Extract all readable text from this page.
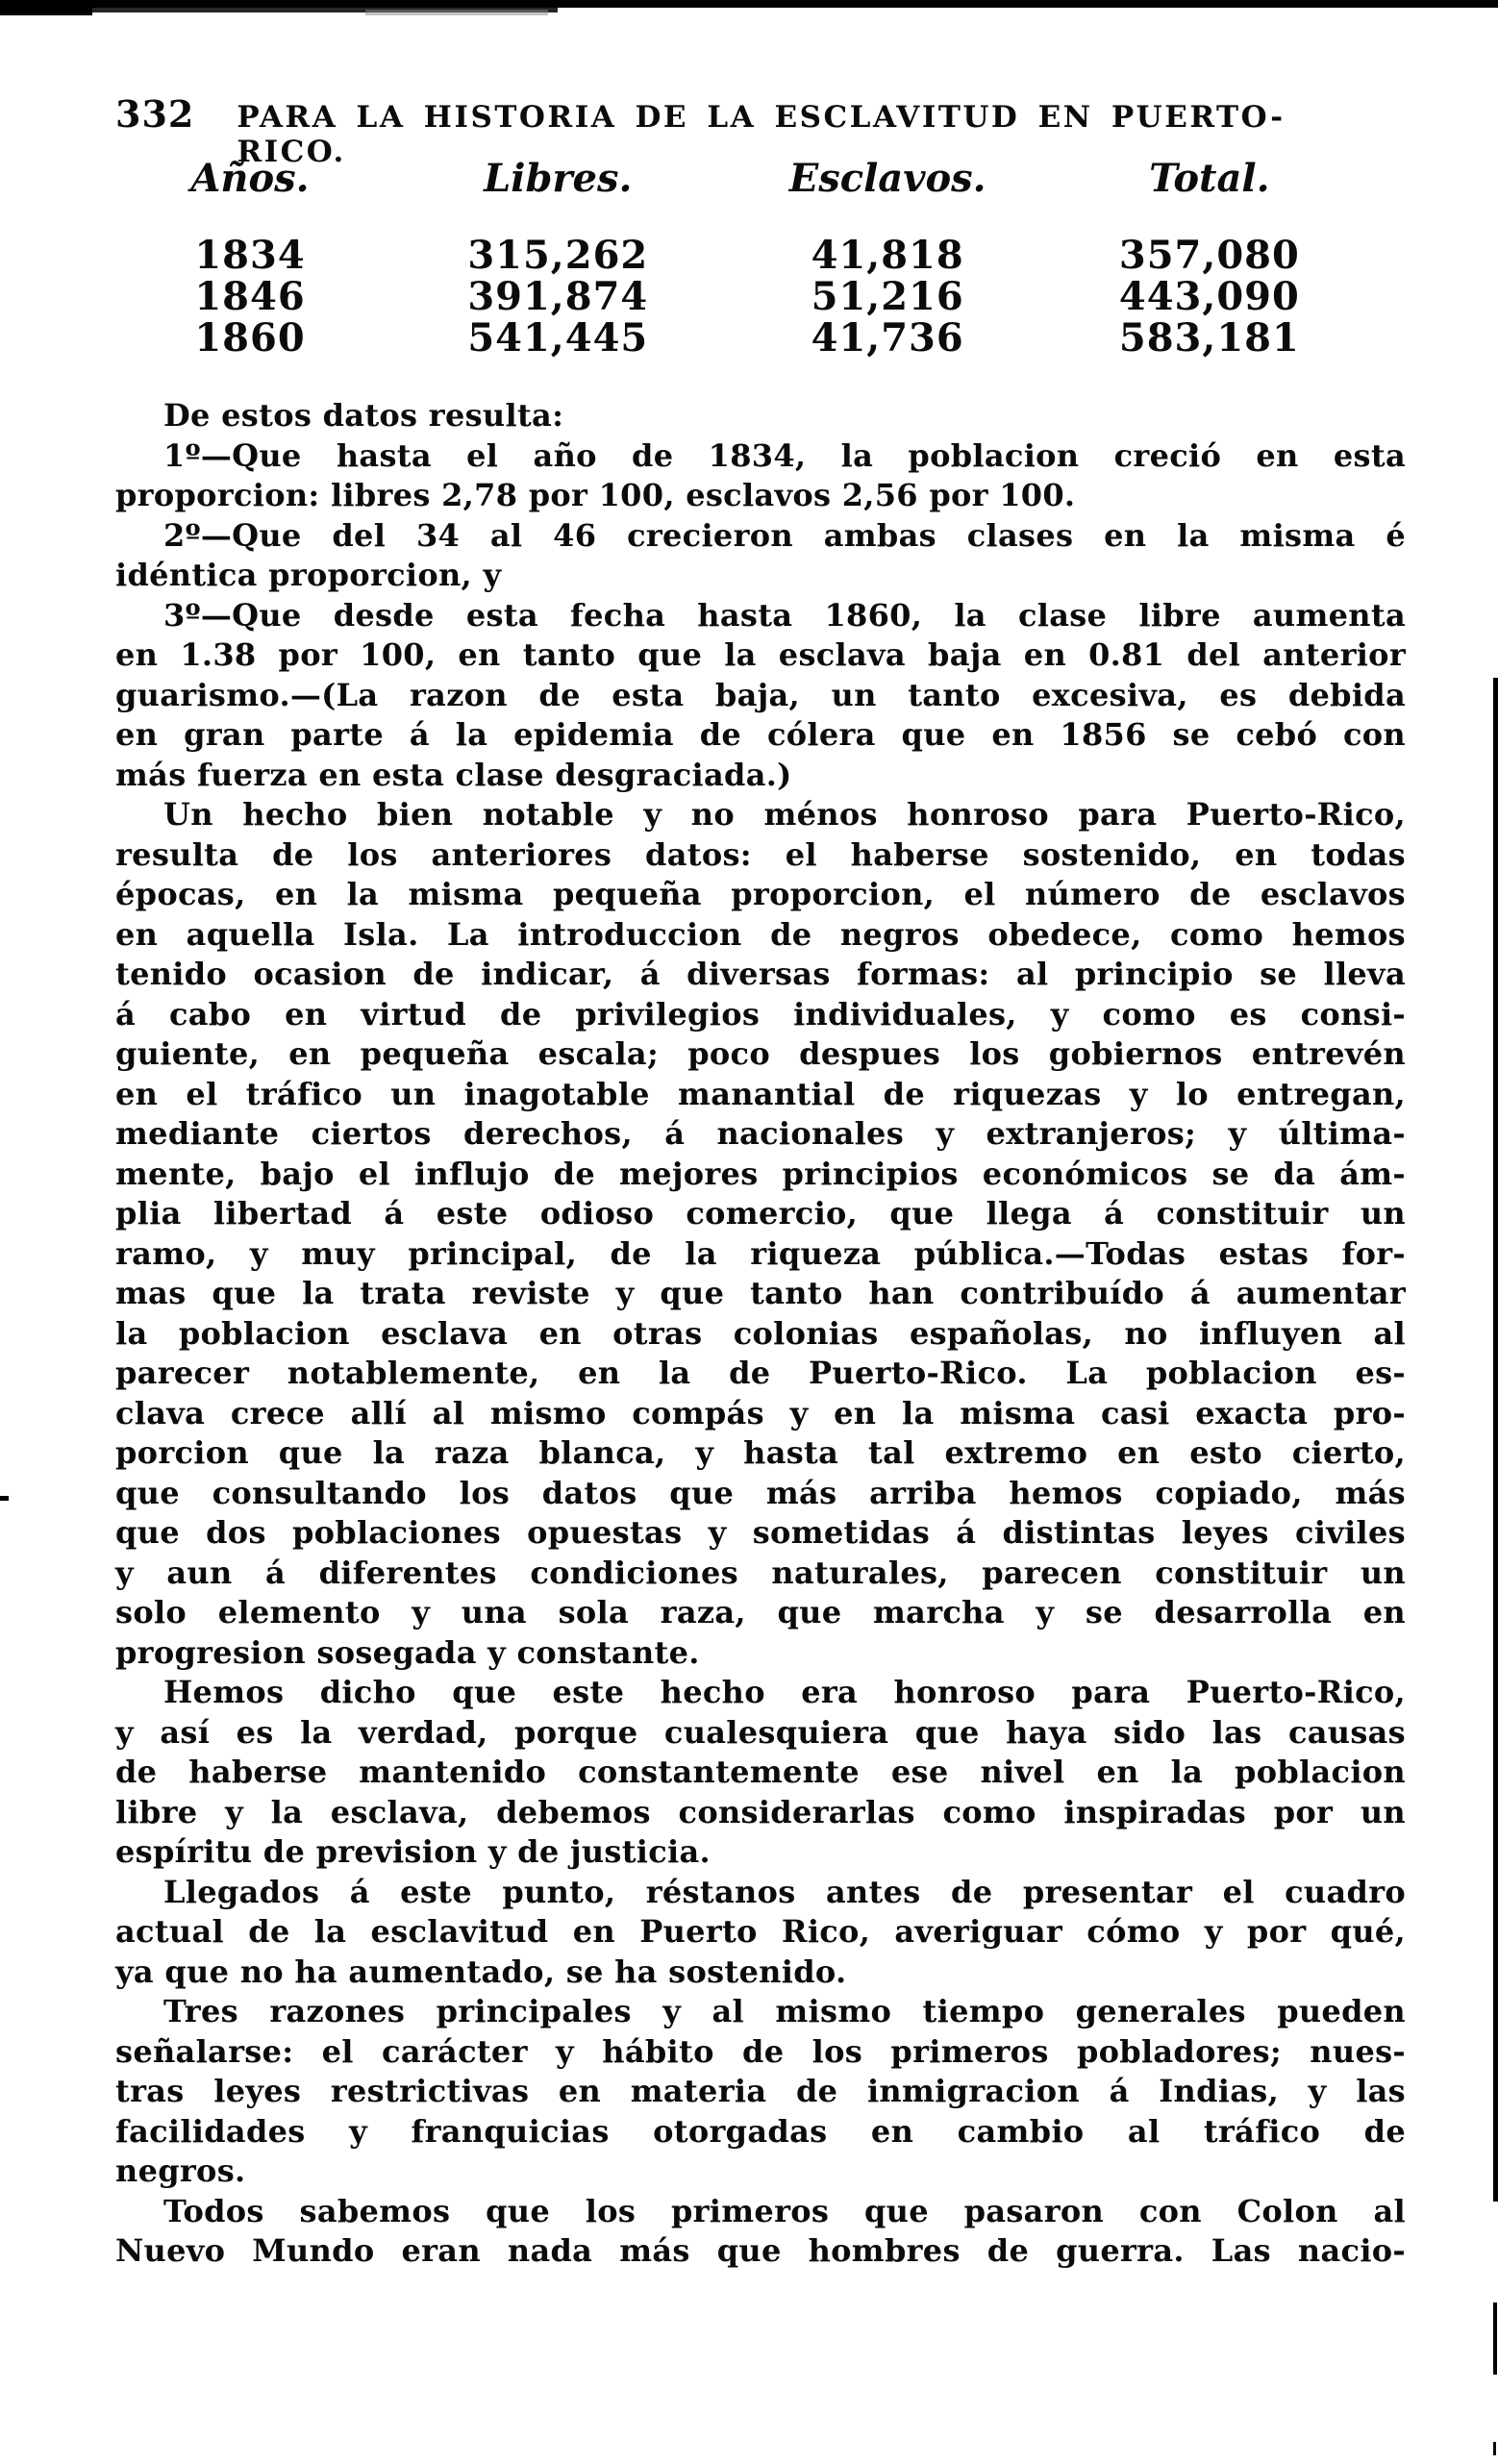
332 PARA LA HISTORIA DE LA ESCLAVITUD EN PUERTO-RICO.
Años.	Libres.	Esclavos.	Total.
1834	315,262	41,818	357,080
1846	391,874	51,216	443,090
1860	541,445	41,736	583,181
De estos datos resulta:
1º—Que hasta el año de 1834, la poblacion creció en esta
proporcion: libres 2,78 por 100, esclavos 2,56 por 100.
2º—Que del 34 al 46 crecieron ambas clases en la misma é
idéntica proporcion, y
3º—Que desde esta fecha hasta 1860, la clase libre aumenta
en 1.38 por 100, en tanto que la esclava baja en 0.81 del anterior
guarismo.—(La razon de esta baja, un tanto excesiva, es debida
en gran parte á la epidemia de cólera que en 1856 se cebó con
más fuerza en esta clase desgraciada.)
Un hecho bien notable y no ménos honroso para Puerto-Rico,
resulta de los anteriores datos: el haberse sostenido, en todas
épocas, en la misma pequeña proporcion, el número de esclavos
en aquella Isla. La introduccion de negros obedece, como hemos
tenido ocasion de indicar, á diversas formas: al principio se lleva
á cabo en virtud de privilegios individuales, y como es consi-
guiente, en pequeña escala; poco despues los gobiernos entrevén
en el tráfico un inagotable manantial de riquezas y lo entregan,
mediante ciertos derechos, á nacionales y extranjeros; y última-
mente, bajo el influjo de mejores principios económicos se da ám-
plia libertad á este odioso comercio, que llega á constituir un
ramo, y muy principal, de la riqueza pública.—Todas estas for-
mas que la trata reviste y que tanto han contribuído á aumentar
la poblacion esclava en otras colonias españolas, no influyen al
parecer notablemente, en la de Puerto-Rico. La poblacion es-
clava crece allí al mismo compás y en la misma casi exacta pro-
porcion que la raza blanca, y hasta tal extremo en esto cierto,
que consultando los datos que más arriba hemos copiado, más
que dos poblaciones opuestas y sometidas á distintas leyes civiles
y aun á diferentes condiciones naturales, parecen constituir un
solo elemento y una sola raza, que marcha y se desarrolla en
progresion sosegada y constante.
Hemos dicho que este hecho era honroso para Puerto-Rico,
y así es la verdad, porque cualesquiera que haya sido las causas
de haberse mantenido constantemente ese nivel en la poblacion
libre y la esclava, debemos considerarlas como inspiradas por un
espíritu de prevision y de justicia.
Llegados á este punto, réstanos antes de presentar el cuadro
actual de la esclavitud en Puerto Rico, averiguar cómo y por qué,
ya que no ha aumentado, se ha sostenido.
Tres razones principales y al mismo tiempo generales pueden
señalarse: el carácter y hábito de los primeros pobladores; nues-
tras leyes restrictivas en materia de inmigracion á Indias, y las
facilidades y franquicias otorgadas en cambio al tráfico de
negros.
Todos sabemos que los primeros que pasaron con Colon al
Nuevo Mundo eran nada más que hombres de guerra. Las nacio-
